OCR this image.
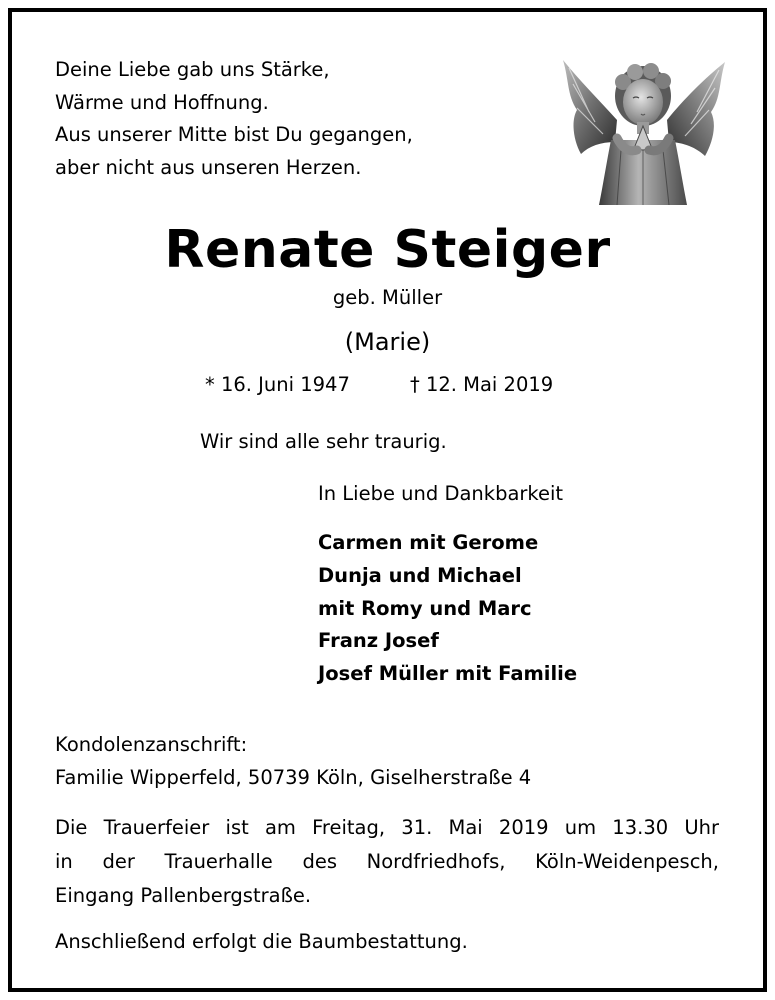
Deine Liebe gab uns Stärke,
Wärme und Hoffnung.
Aus unserer Mitte bist Du gegangen,
aber nicht aus unseren Herzen.
Renate Steiger
geb. Müller
(Marie)
* 16. Juni 1947	† 12. Mai 2019
Wir sind alle sehr traurig.
In Liebe und Dankbarkeit
Carmen mit Gerome
Dunja und Michael
mit Romy und Marc
Franz Josef
Josef Müller mit Familie
Kondolenzanschrift:
Familie Wipperfeld, 50739 Köln, Giselherstraße 4
Die Trauerfeier ist am Freitag, 31. Mai 2019 um 13.30 Uhr
in der Trauerhalle des Nordfriedhofs, Köln-Weidenpesch,
Eingang Pallenbergstraße.
Anschließend erfolgt die Baumbestattung.
